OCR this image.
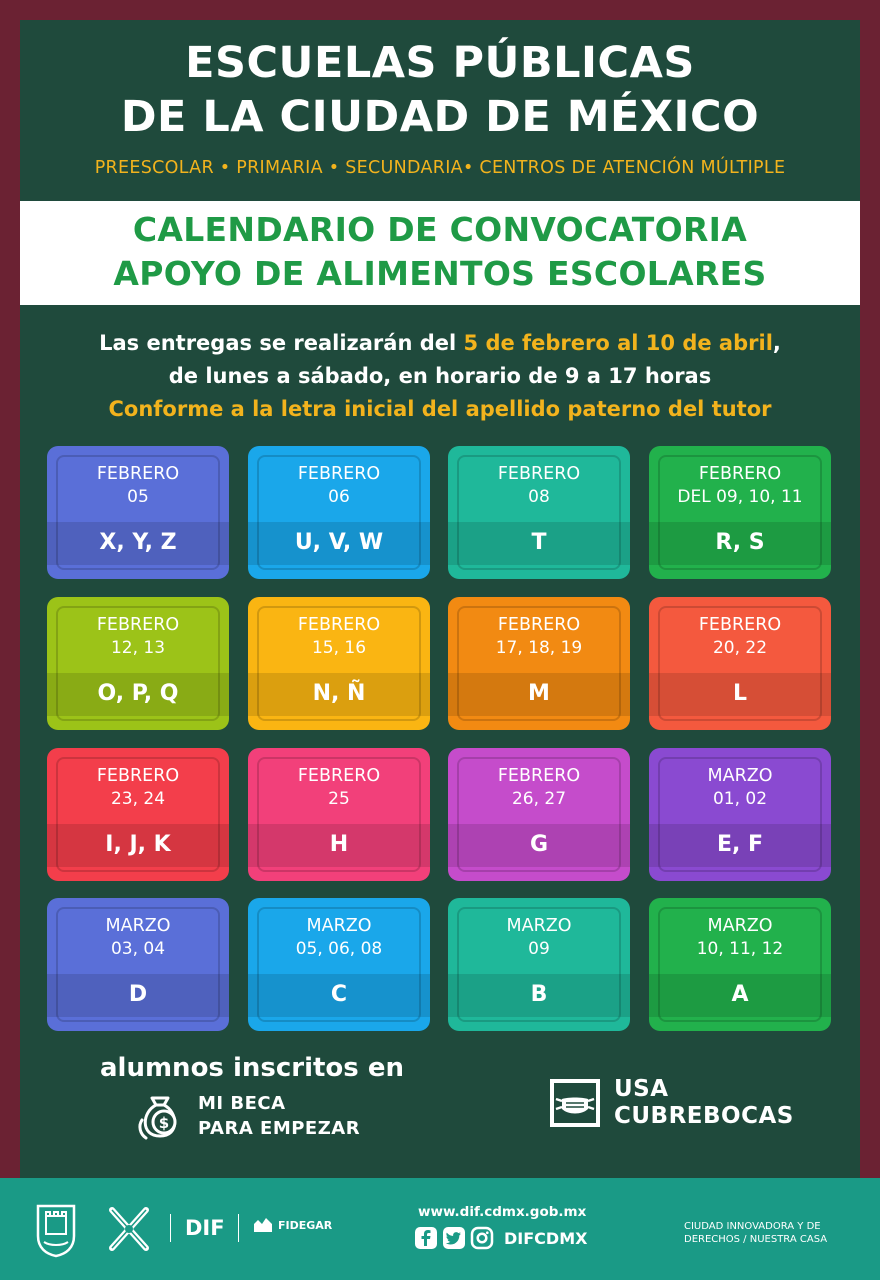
ESCUELAS PÚBLICAS
DE LA CIUDAD DE MÉXICO
PREESCOLAR • PRIMARIA • SECUNDARIA• CENTROS DE ATENCIÓN MÚLTIPLE
CALENDARIO DE CONVOCATORIA
APOYO DE ALIMENTOS ESCOLARES
Las entregas se realizarán del 5 de febrero al 10 de abril,
de lunes a sábado, en horario de 9 a 17 horas
Conforme a la letra inicial del apellido paterno del tutor
FEBRERO
05
X, Y, Z
FEBRERO
06
U, V, W
FEBRERO
08
T
FEBRERO
DEL 09, 10, 11
R, S
FEBRERO
12, 13
O, P, Q
FEBRERO
15, 16
N, Ñ
FEBRERO
17, 18, 19
M
FEBRERO
20, 22
L
FEBRERO
23, 24
I, J, K
FEBRERO
25
H
FEBRERO
26, 27
G
MARZO
01, 02
E, F
MARZO
03, 04
D
MARZO
05, 06, 08
C
MARZO
09
B
MARZO
10, 11, 12
A
alumnos inscritos en
$
MI BECA
PARA EMPEZAR
USA
CUBREBOCAS
DIF	FIDEGAR
www.dif.cdmx.gob.mx
DIFCDMX
CIUDAD INNOVADORA Y DE
DERECHOS / NUESTRA CASA
